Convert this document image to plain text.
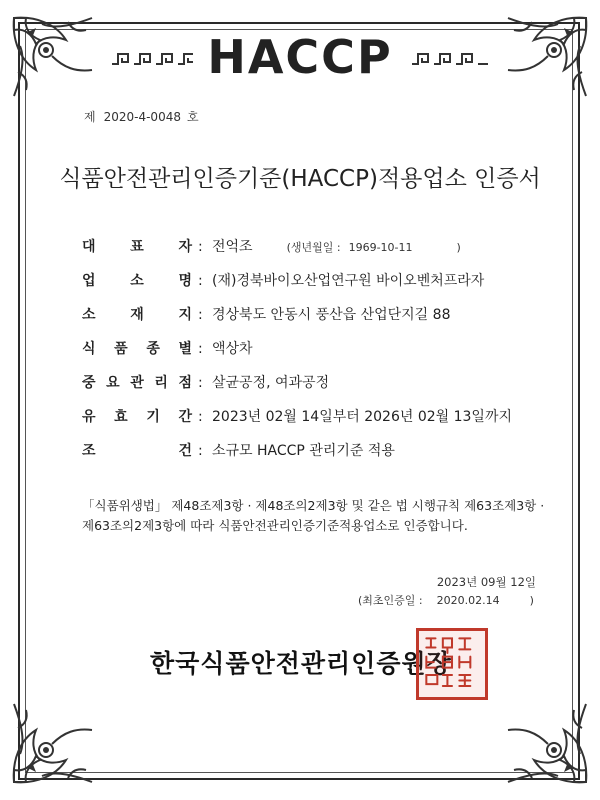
HACCP
제 2020-4-0048 호
식품안전관리인증기준(HACCP)적용업소 인증서
대 표 자 : 전억조	(생년월일 : 1969-10-11	)
업 소 명 : (재)경북바이오산업연구원 바이오벤처프라자
소 재 지 : 경상북도 안동시 풍산읍 산업단지길 88
식 품 종 별 : 액상차
중 요 관 리 점 : 살균공정, 여과공정
유 효 기 간 : 2023년 02월 14일부터 2026년 02월 13일까지
조	건 : 소규모 HACCP 관리기준 적용
「식품위생법」 제48조제3항 · 제48조의2제3항 및 같은 법 시행규칙 제63조제3항 · 제63조의2제3항에 따라 식품안전관리인증기준적용업소로 인증합니다.
2023년 09월 12일
(최초인증일 : 2020.02.14	)
한국식품안전관리인증원장
